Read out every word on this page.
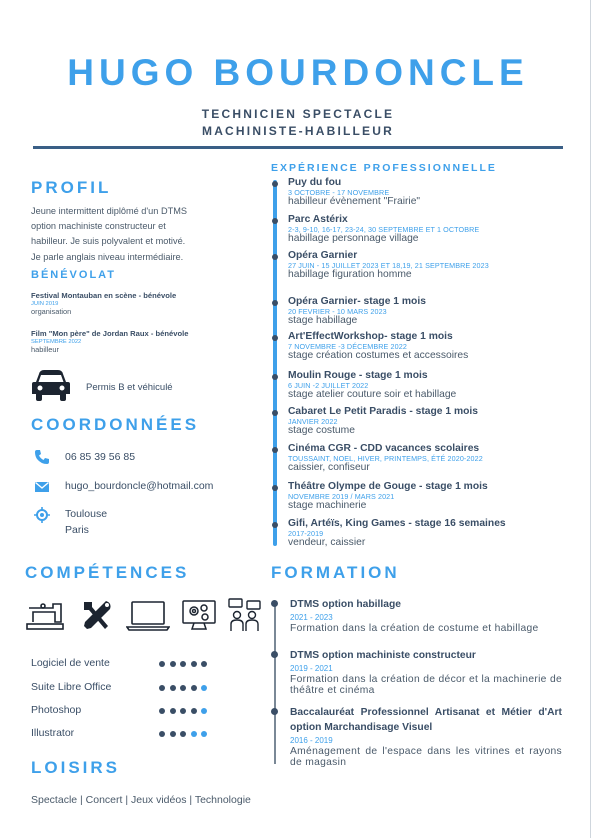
HUGO BOURDONCLE
TECHNICIEN SPECTACLE
MACHINISTE-HABILLEUR
PROFIL
Jeune intermittent diplômé d'un DTMS
option machiniste constructeur et
habilleur. Je suis polyvalent et motivé.
Je parle anglais niveau intermédiaire.
BÉNÉVOLAT
Festival Montauban en scène - bénévole
JUIN 2019
organisation
Film "Mon père" de Jordan Raux - bénévole
SEPTEMBRE 2022
habilleur
Permis B et véhiculé
COORDONNÉES
06 85 39 56 85
hugo_bourdoncle@hotmail.com
Toulouse
Paris
COMPÉTENCES
Logiciel de vente
Suite Libre Office
Photoshop
Illustrator
LOISIRS
Spectacle | Concert | Jeux vidéos | Technologie
EXPÉRIENCE PROFESSIONNELLE
Puy du fou
3 OCTOBRE - 17 NOVEMBRE
habilleur évènement "Frairie"
Parc Astérix
2-3, 9-10, 16-17, 23-24, 30 SEPTEMBRE ET 1 OCTOBRE
habillage personnage village
Opéra Garnier
27 JUIN - 15 JUILLET 2023 ET 18,19, 21 SEPTEMBRE 2023
habillage figuration homme
Opéra Garnier- stage 1 mois
20 FEVRIER - 10 MARS 2023
stage habillage
Art'EffectWorkshop- stage 1 mois
7 NOVEMBRE -3 DÉCEMBRE 2022
stage création costumes et accessoires
Moulin Rouge - stage 1 mois
6 JUIN -2 JUILLET 2022
stage atelier couture soir et habillage
Cabaret Le Petit Paradis - stage 1 mois
JANVIER 2022
stage costume
Cinéma CGR - CDD vacances scolaires
TOUSSAINT, NOEL, HIVER, PRINTEMPS, ÉTÉ 2020-2022
caissier, confiseur
Théâtre Olympe de Gouge - stage 1 mois
NOVEMBRE 2019 / MARS 2021
stage machinerie
Gifi, Artéïs, King Games - stage 16 semaines
2017-2019
vendeur, caissier
FORMATION
DTMS option habillage
2021 - 2023
Formation dans la création de costume et habillage
DTMS option machiniste constructeur
2019 - 2021
Formation dans la création de décor et la machinerie de théâtre et cinéma
Baccalauréat Professionnel Artisanat et Métier d'Art option Marchandisage Visuel
2016 - 2019
Aménagement de l'espace dans les vitrines et rayons de magasin
